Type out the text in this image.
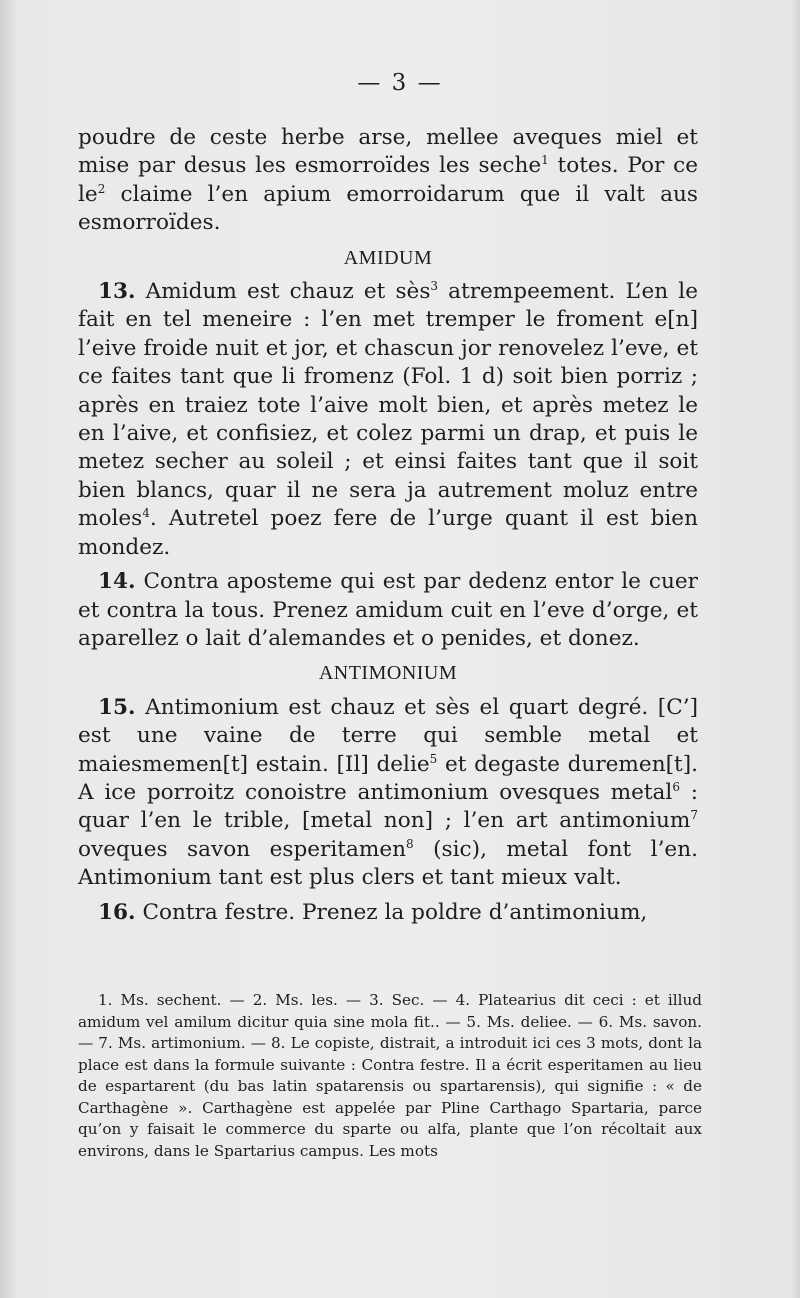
— 3 —

poudre de ceste herbe arse, mellee aveques miel et mise par desus les esmorroïdes les seche$^1$ totes. Por ce $le^2$ claime l’en apium emorroidarum que il valt aus esmorroïdes.

AMIDUM

13. Amidum est chauz et sès$^3$ atrempeement. L’en le fait en tel meneire : l’en met tremper le froment e[n] l’eive froide nuit et jor, et chascun jor renovelez l’eve, et ce faites tant que li fromenz (Fol. 1 d) soit bien porriz ; après en traiez tote l’aive molt bien, et après metez le en l’aive, et confisiez, et colez parmi un drap, et puis le metez secher au soleil ; et einsi faites tant que il soit bien blancs, quar il ne sera ja autrement moluz entre moles$^4$. Autretel poez fere de l’urge quant il est bien mondez.

14. Contra aposteme qui est par dedenz entor le cuer et contra la tous. Prenez amidum cuit en l’eve d’orge, et aparellez o lait d’alemandes et o penides, et donez.

ANTIMONIUM

15. Antimonium est chauz et sès el quart degré. [C’] est une vaine de terre qui semble metal et maiesmemen[t] estain. [Il] delie$^5$ et degaste duremen[t]. A ice porroitz conoistre antimonium ovesques metal$^6$ : quar l’en le trible, [metal non] ; l’en art antimonium$^7$ oveques savon esperitamen$^8$ (sic), metal font l’en. Antimonium tant est plus clers et tant mieux valt.

16. Contra festre. Prenez la poldre d’antimonium,

1. Ms. sechent. — 2. Ms. les. — 3. Sec. — 4. Platearius dit ceci : et illud amidum vel amilum dicitur quia sine mola fit.. — 5. Ms. deliee. — 6. Ms. savon.— 7. Ms. artimonium. — 8. Le copiste, distrait, a introduit ici ces 3 mots, dont la place est dans la formule suivante : Contra festre. Il a écrit esperitamen au lieu de espartarent (du bas latin spatarensis ou spartarensis), qui signifie : « de Carthagène ». Carthagène est appelée par Pline Carthago Spartaria, parce qu’on y faisait le commerce du sparte ou alfa, plante que l’on récoltait aux environs, dans le Spartarius campus. Les mots
